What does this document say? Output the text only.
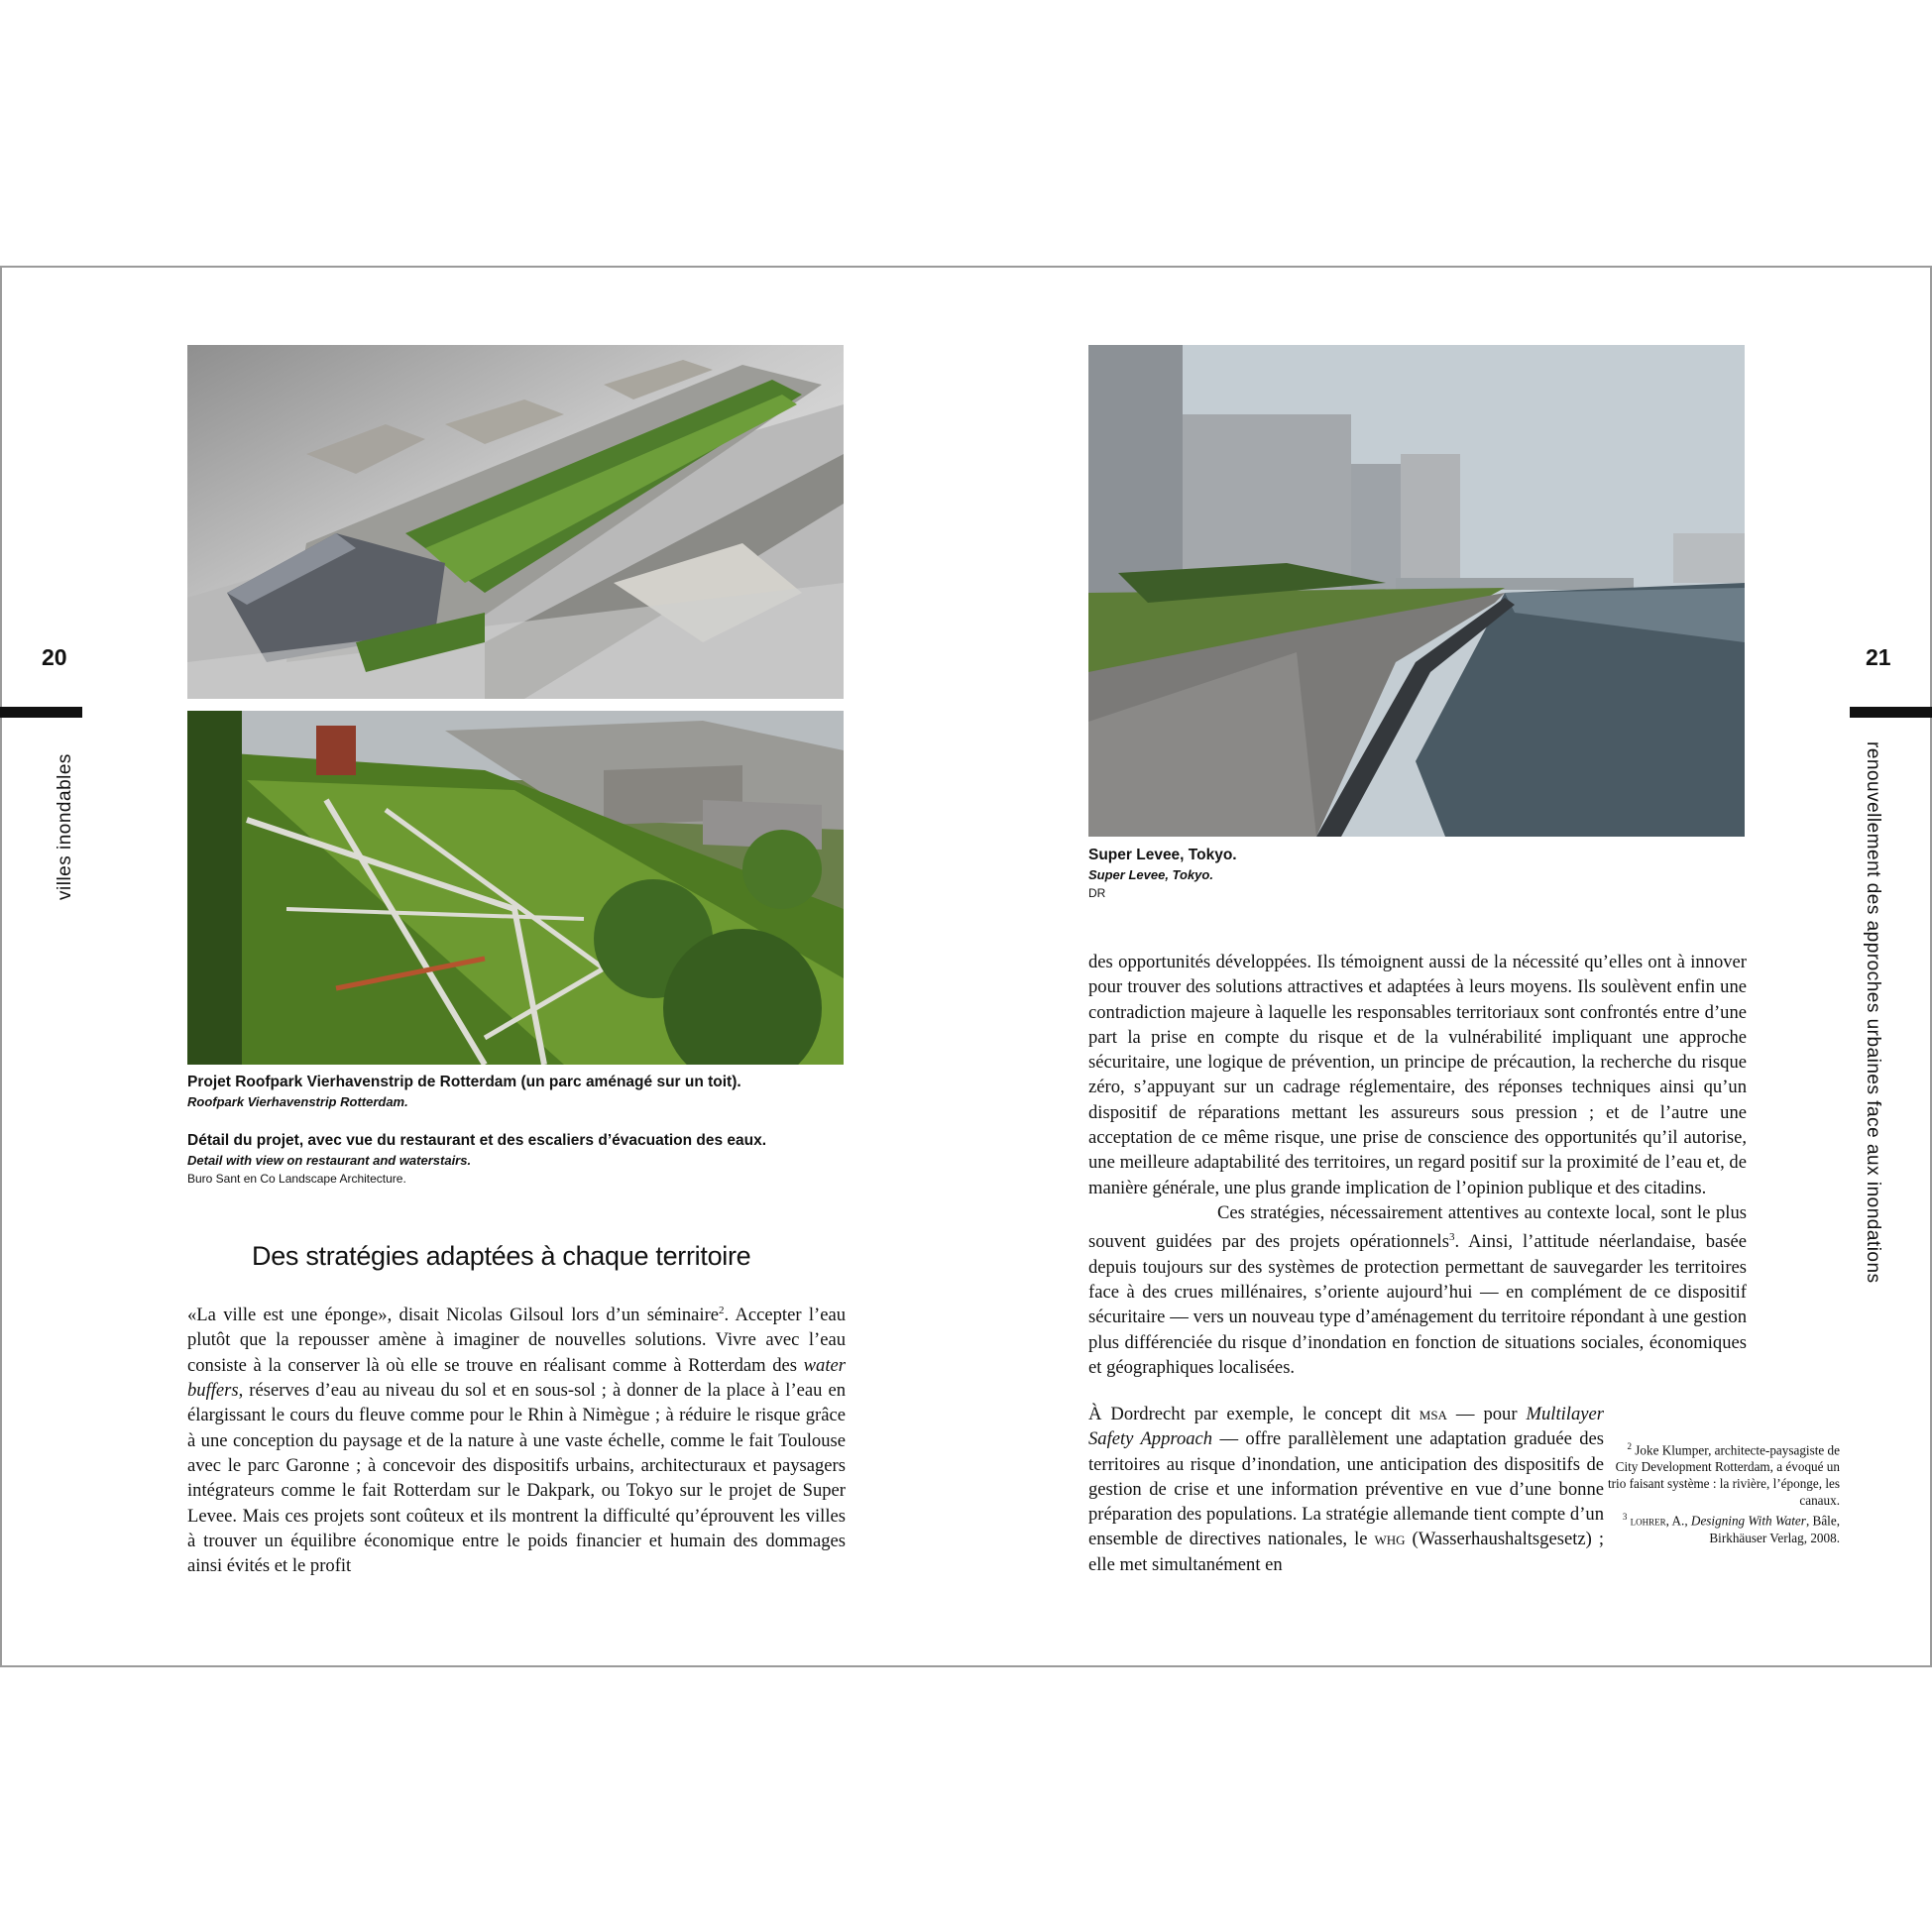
20	21
villes inondables	renouvellement des approches urbaines face aux inondations
Projet Roofpark Vierhavenstrip de Rotterdam (un parc aménagé sur un toit).
Roofpark Vierhavenstrip Rotterdam.
Détail du projet, avec vue du restaurant et des escaliers d’évacuation des eaux.
Detail with view on restaurant and waterstairs.
Buro Sant en Co Landscape Architecture.
Super Levee, Tokyo.
Super Levee, Tokyo.
DR
Des stratégies adaptées à chaque territoire

«La ville est une éponge», disait Nicolas Gilsoul lors d’un séminaire$^2$. Accepter l’eau plutôt que la repousser amène à imaginer de nouvelles solutions. Vivre avec l’eau consiste à la conserver là où elle se trouve en réalisant comme à Rotterdam des water buffers, réserves d’eau au niveau du sol et en sous-sol ; à donner de la place à l’eau en élargissant le cours du fleuve comme pour le Rhin à Nimègue ; à réduire le risque grâce à une conception du paysage et de la nature à une vaste échelle, comme le fait Toulouse avec le parc Garonne ; à concevoir des dispositifs urbains, architecturaux et paysagers intégrateurs comme le fait Rotterdam sur le Dakpark, ou Tokyo sur le projet de Super Levee. Mais ces projets sont coûteux et ils montrent la difficulté qu’éprouvent les villes à trouver un équilibre économique entre le poids financier et humain des dommages ainsi évités et le profit

des opportunités développées. Ils témoignent aussi de la nécessité qu’elles ont à innover pour trouver des solutions attractives et adaptées à leurs moyens. Ils soulèvent enfin une contradiction majeure à laquelle les responsables territoriaux sont confrontés entre d’une part la prise en compte du risque et de la vulnérabilité impliquant une approche sécuritaire, une logique de prévention, un principe de précaution, la recherche du risque zéro, s’appuyant sur un cadrage réglementaire, des réponses techniques ainsi qu’un dispositif de réparations mettant les assureurs sous pression ; et de l’autre une acceptation de ce même risque, une prise de conscience des opportunités qu’il autorise, une meilleure adaptabilité des territoires, un regard positif sur la proximité de l’eau et, de manière générale, une plus grande implication de l’opinion publique et des citadins.

Ces stratégies, nécessairement attentives au contexte local, sont le plus souvent guidées par des projets opérationnels$^3$. Ainsi, l’attitude néerlandaise, basée depuis toujours sur des systèmes de protection permettant de sauvegarder les territoires face à des crues millénaires, s’oriente aujourd’hui — en complément de ce dispositif sécuritaire — vers un nouveau type d’aménagement du territoire répondant à une gestion plus différenciée du risque d’inondation en fonction de situations sociales, économiques et géographiques localisées.

À Dordrecht par exemple, le concept dit msa — pour Multilayer Safety Approach — offre parallèlement une adaptation graduée des territoires au risque d’inondation, une anticipation des dispositifs de gestion de crise et une information préventive en vue d’une bonne préparation des populations. La stratégie allemande tient compte d’un ensemble de directives nationales, le whg (Wasserhaushaltsgesetz) ; elle met simultanément en

$^2$ Joke Klumper, architecte-paysagiste de City Development Rotterdam, a évoqué un trio faisant système : la rivière, l’éponge, les canaux.

$^3$ lohrer, A., Designing With Water, Bâle, Birkhäuser Verlag, 2008.
